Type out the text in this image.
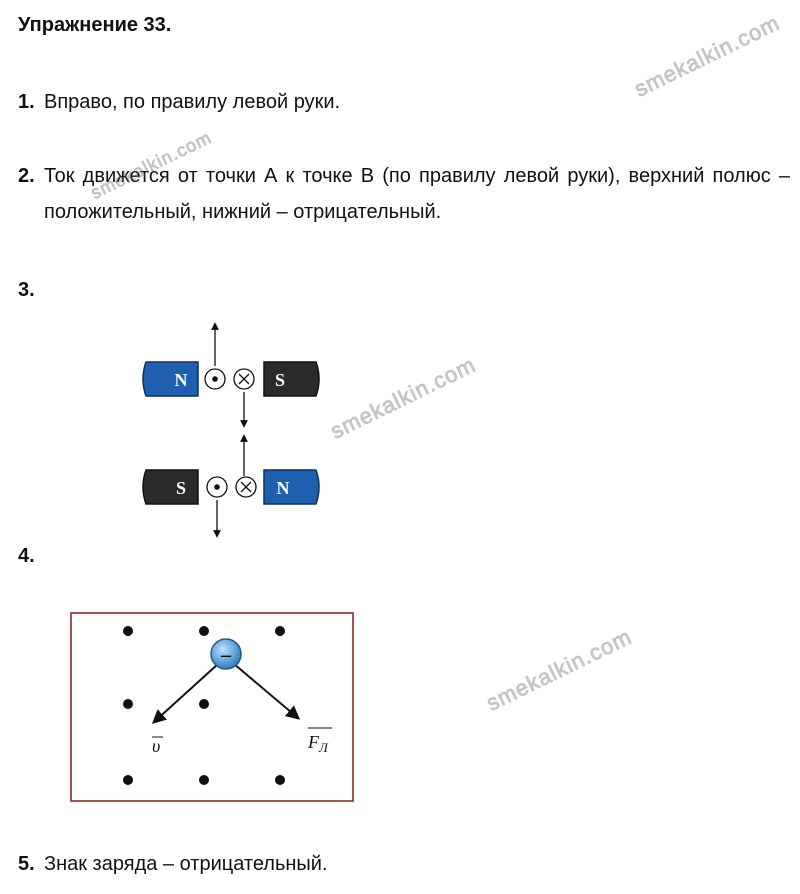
Упражнение 33.
1. Вправо, по правилу левой руки.
2. Ток движется от точки А к точке В (по правилу левой руки), верхний полюс – положительный, нижний – отрицательный.
3.
N	S
S	N
4.
–
υ	$F_Л$
5. Знак заряда – отрицательный.
smekalkin.com
smekalkin.com
smekalkin.com
smekalkin.com
